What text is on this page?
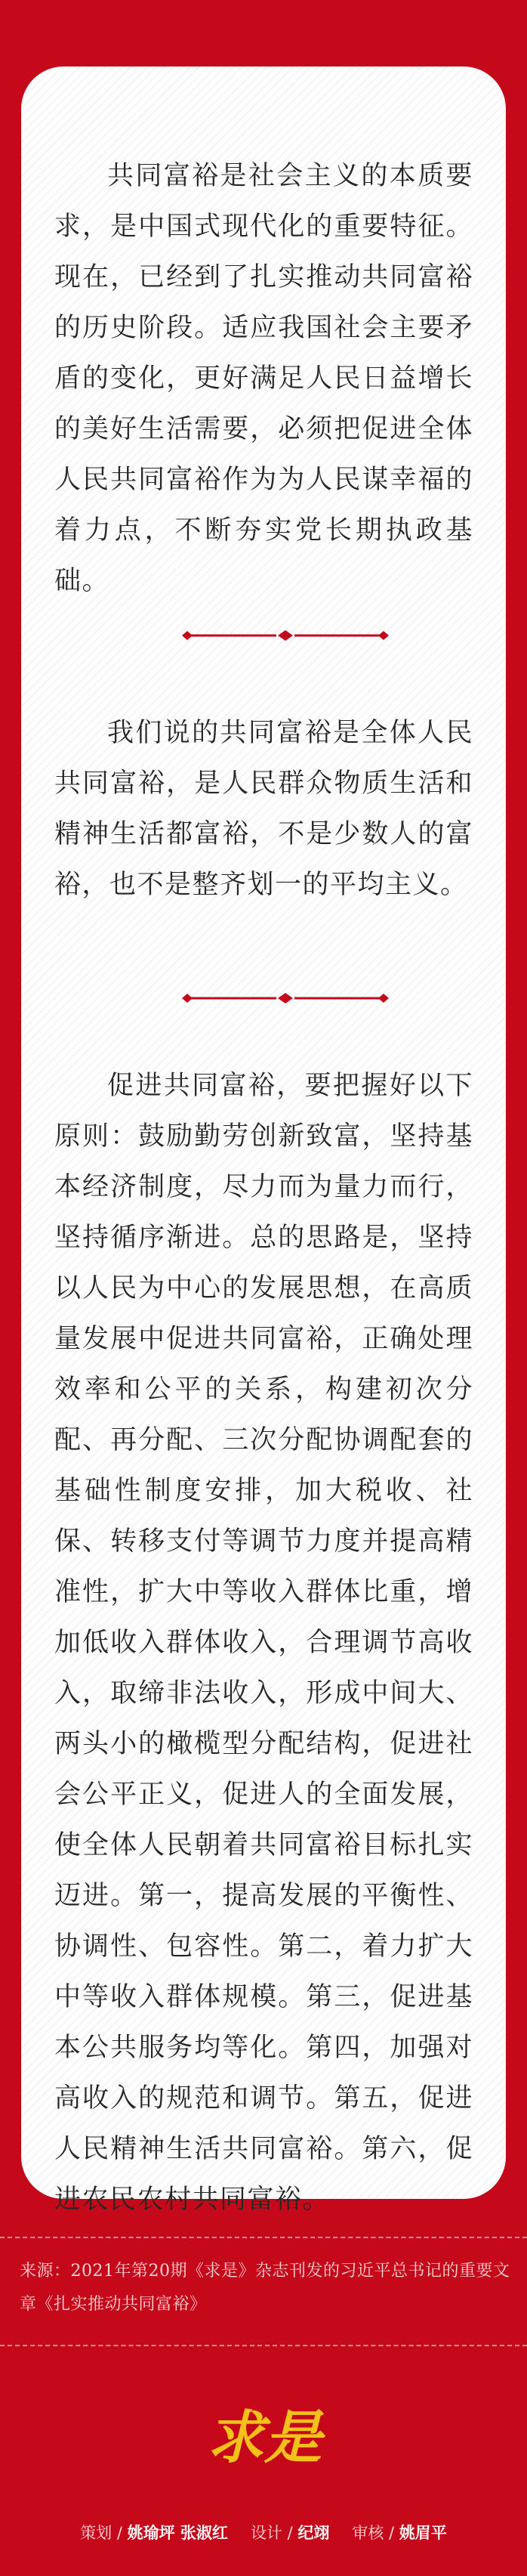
共同富裕是社会主义的本质要求，是中国式现代化的重要特征。现在，已经到了扎实推动共同富裕的历史阶段。适应我国社会主要矛盾的变化，更好满足人民日益增长的美好生活需要，必须把促进全体人民共同富裕作为为人民谋幸福的着力点，不断夯实党长期执政基础。

我们说的共同富裕是全体人民共同富裕，是人民群众物质生活和精神生活都富裕，不是少数人的富裕，也不是整齐划一的平均主义。

促进共同富裕，要把握好以下原则：鼓励勤劳创新致富，坚持基本经济制度，尽力而为量力而行，坚持循序渐进。总的思路是，坚持以人民为中心的发展思想，在高质量发展中促进共同富裕，正确处理效率和公平的关系，构建初次分配、再分配、三次分配协调配套的基础性制度安排，加大税收、社保、转移支付等调节力度并提高精准性，扩大中等收入群体比重，增加低收入群体收入，合理调节高收入，取缔非法收入，形成中间大、两头小的橄榄型分配结构，促进社会公平正义，促进人的全面发展，使全体人民朝着共同富裕目标扎实迈进。第一，提高发展的平衡性、协调性、包容性。第二，着力扩大中等收入群体规模。第三，促进基本公共服务均等化。第四，加强对高收入的规范和调节。第五，促进人民精神生活共同富裕。第六，促进农民农村共同富裕。

来源：2021年第20期《求是》杂志刊发的习近平总书记的重要文章《扎实推动共同富裕》

求是
策划 / 姚瑜坪 张淑红 设计 / 纪翊 审核 / 姚眉平
